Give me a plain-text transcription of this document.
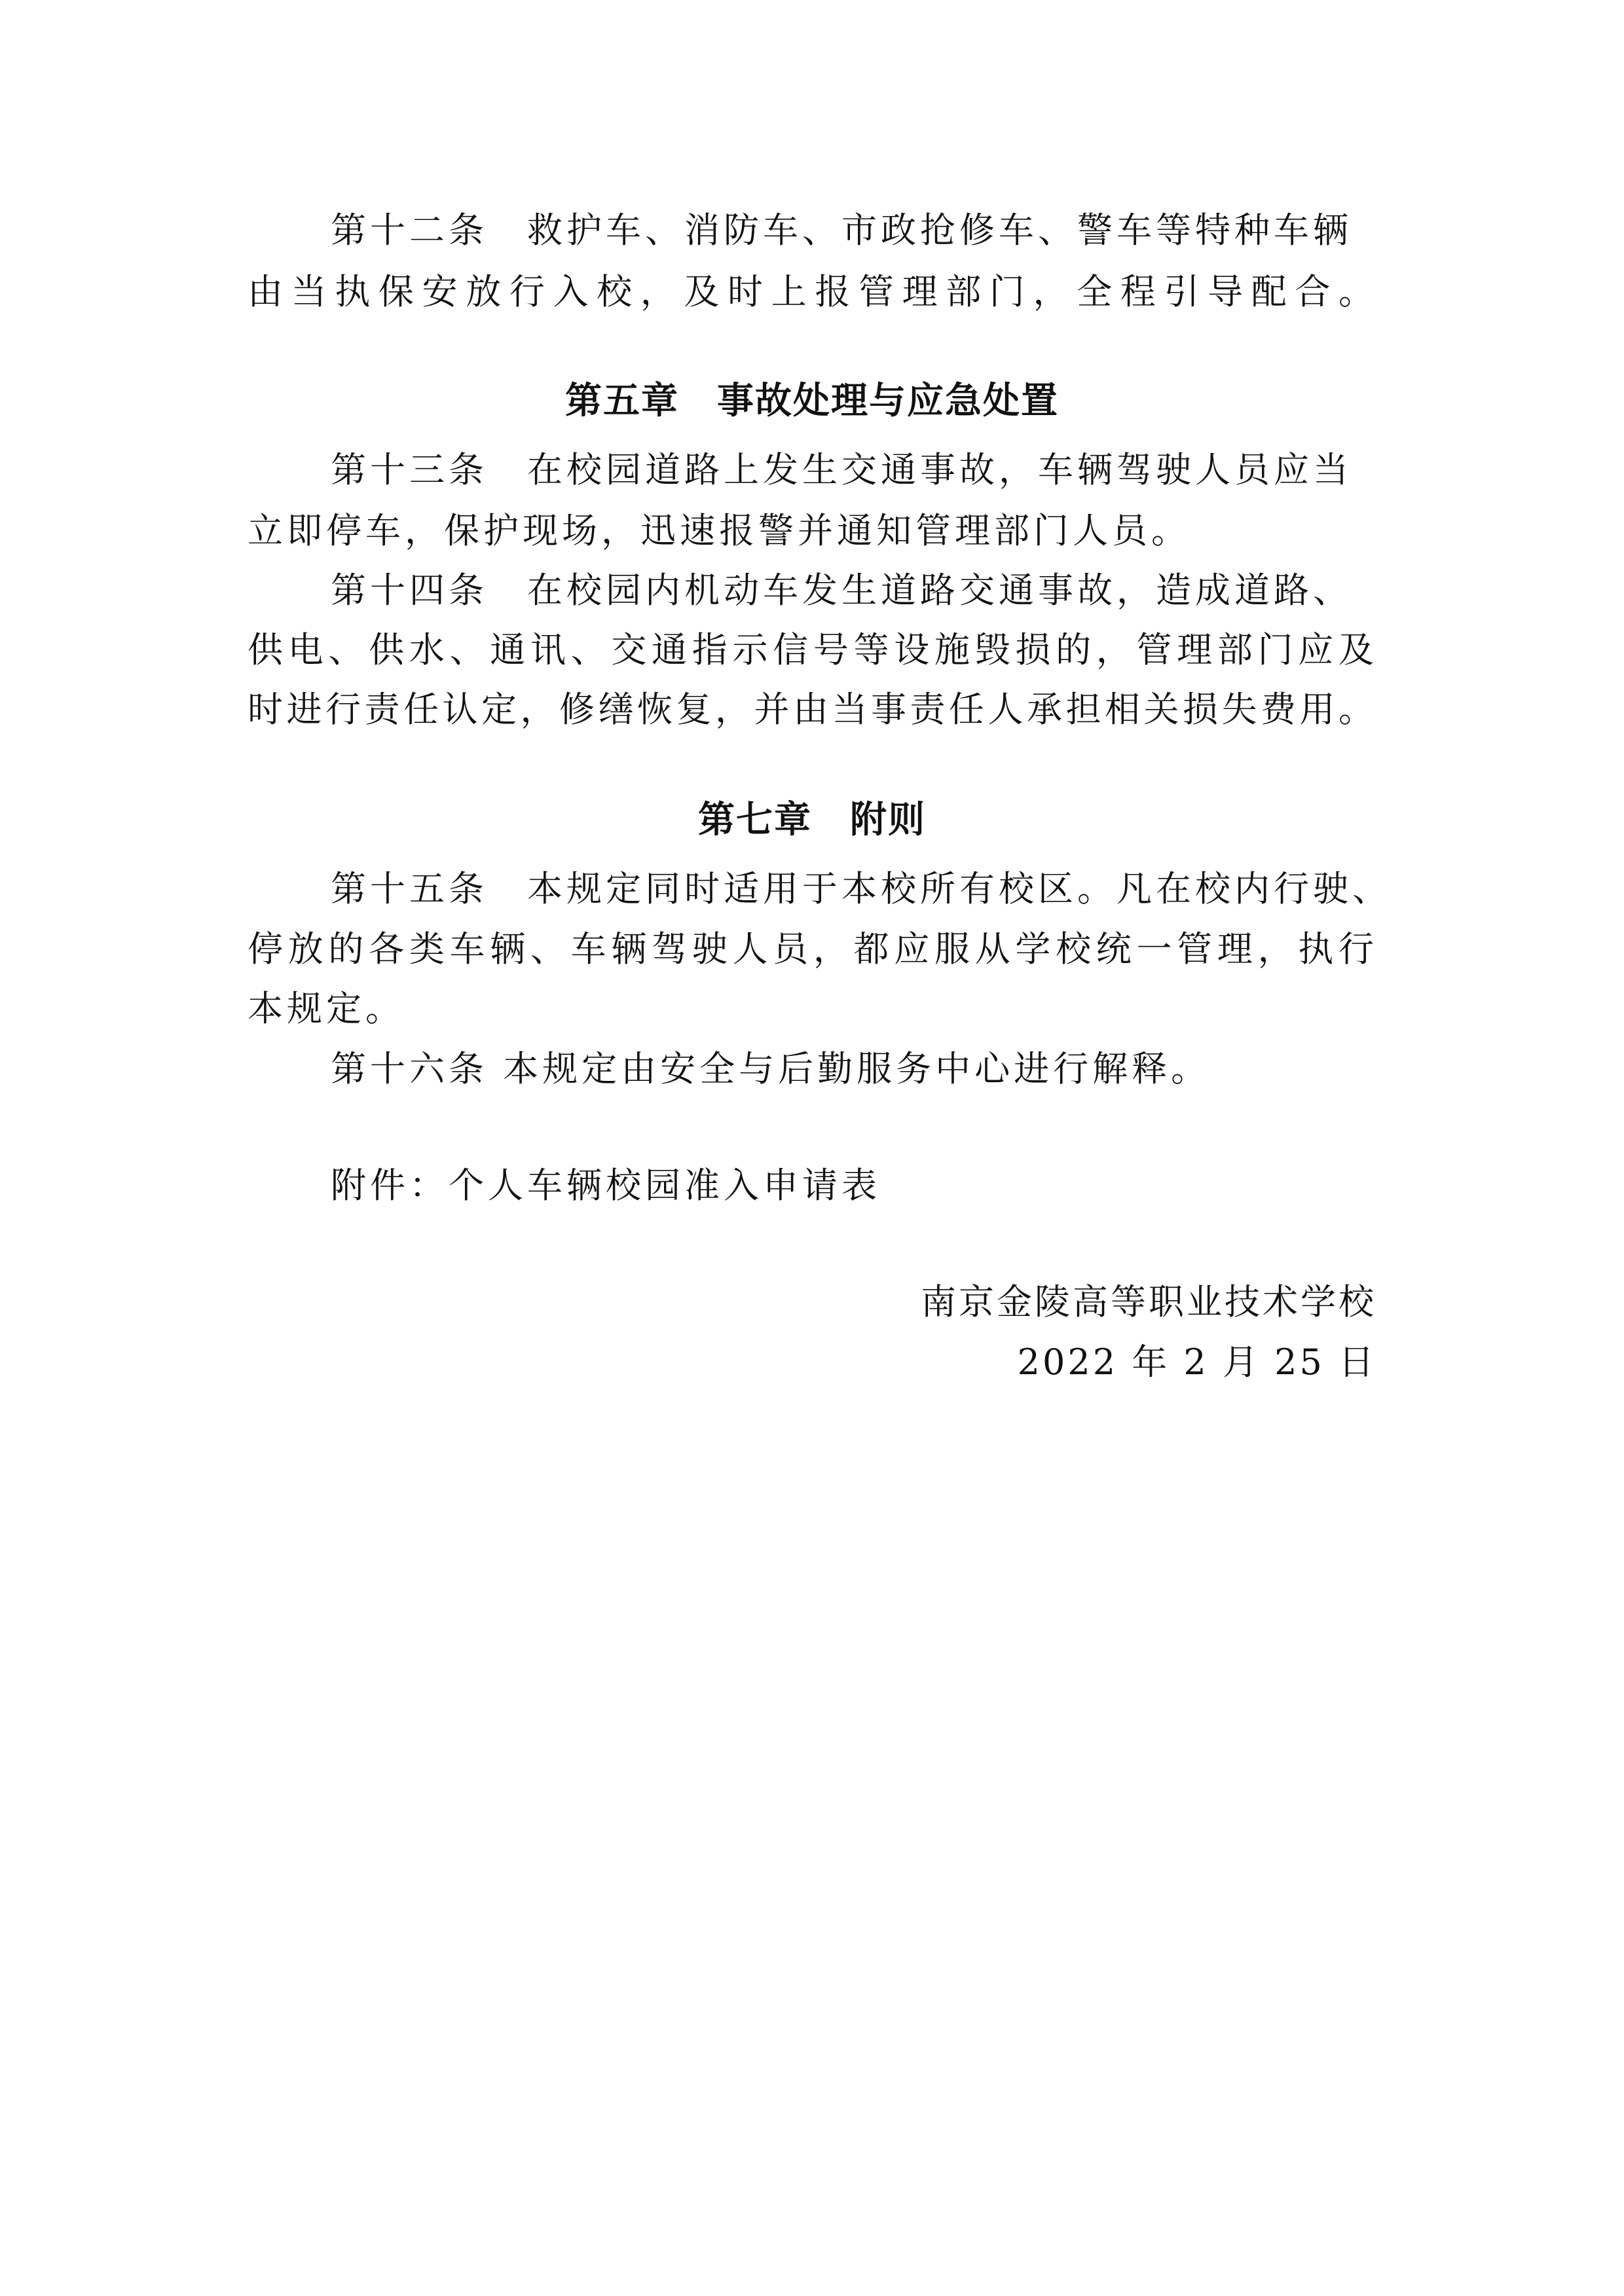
第十二条　救护车、消防车、市政抢修车、警车等特种车辆
由当执保安放行入校，及时上报管理部门，全程引导配合。
第五章　事故处理与应急处置
第十三条　在校园道路上发生交通事故，车辆驾驶人员应当
立即停车，保护现场，迅速报警并通知管理部门人员。
第十四条　在校园内机动车发生道路交通事故，造成道路、
供电、供水、通讯、交通指示信号等设施毁损的，管理部门应及
时进行责任认定，修缮恢复，并由当事责任人承担相关损失费用。
第七章　附则
第十五条　本规定同时适用于本校所有校区。凡在校内行驶、
停放的各类车辆、车辆驾驶人员，都应服从学校统一管理，执行
本规定。
第十六条 本规定由安全与后勤服务中心进行解释。
附件：个人车辆校园准入申请表
南京金陵高等职业技术学校
2022 年 2 月 25 日
